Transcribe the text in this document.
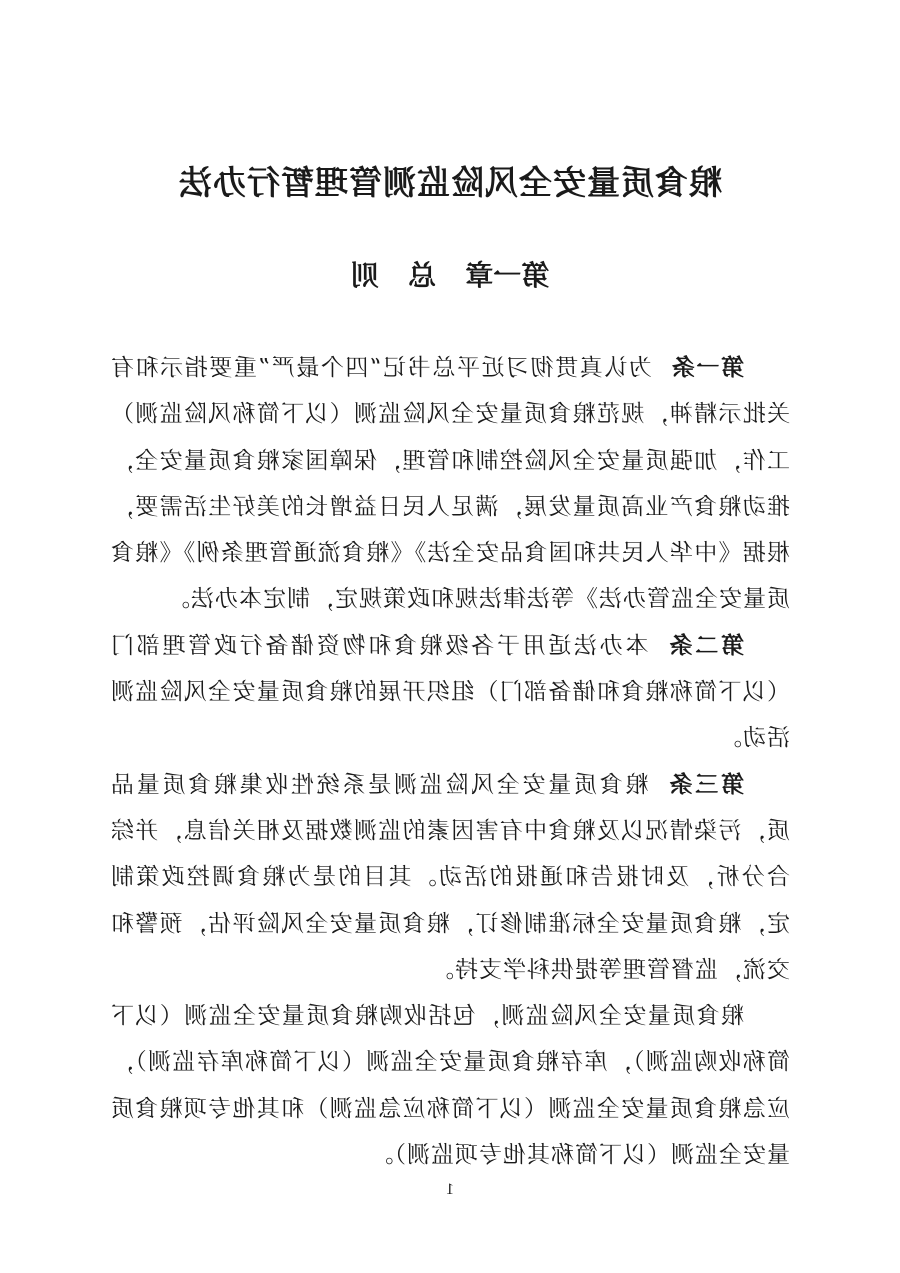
粮食质量安全风险监测管理暂行办法
第一章   总   则

第一条为认真贯彻习近平总书记“四个最严”重要指示和有关批示精神，规范粮食质量安全风险监测（以下简称风险监测）工作，加强质量安全风险控制和管理，保障国家粮食质量安全，推动粮食产业高质量发展，满足人民日益增长的美好生活需要，根据《中华人民共和国食品安全法》《粮食流通管理条例》《粮食质量安全监管办法》等法律法规和政策规定，制定本办法。

第二条本办法适用于各级粮食和物资储备行政管理部门（以下简称粮食和储备部门）组织开展的粮食质量安全风险监测活动。

第三条粮食质量安全风险监测是系统性收集粮食质量品质，污染情况以及粮食中有害因素的监测数据及相关信息，并综合分析，及时报告和通报的活动。其目的是为粮食调控政策制定，粮食质量安全标准制修订，粮食质量安全风险评估，预警和交流，监督管理等提供科学支持。

粮食质量安全风险监测，包括收购粮食质量安全监测（以下简称收购监测），库存粮食质量安全监测（以下简称库存监测），应急粮食质量安全监测（以下简称应急监测）和其他专项粮食质量安全监测（以下简称其他专项监测）。

1
